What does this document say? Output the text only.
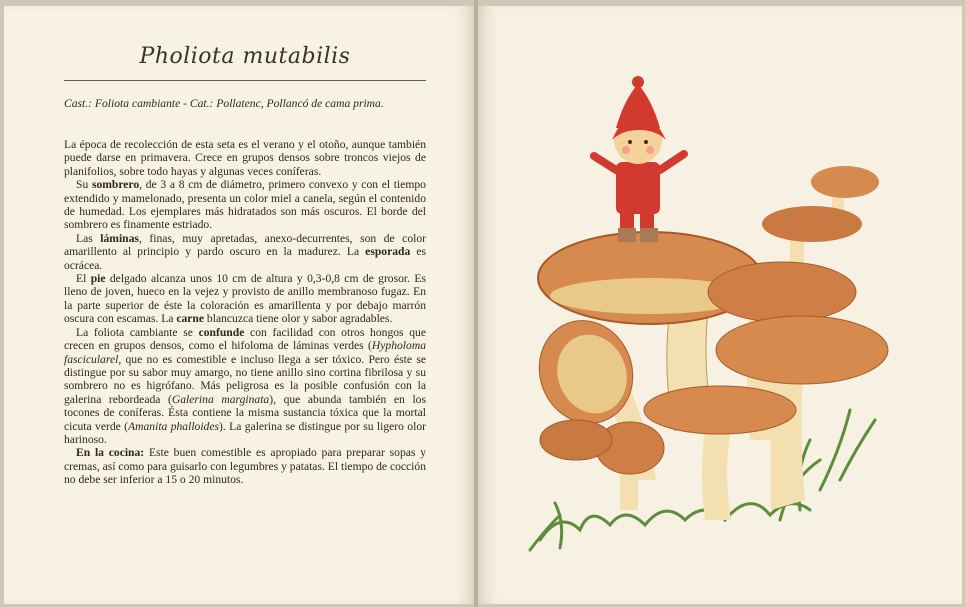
Pholiota mutabilis
Cast.: Foliota cambiante - Cat.: Pollatenc, Pollancó de cama prima.

La época de recolección de esta seta es el verano y el otoño, aunque también puede darse en primavera. Crece en grupos densos sobre troncos viejos de planifolios, sobre todo hayas y algunas veces coníferas.

Su sombrero, de 3 a 8 cm de diámetro, primero convexo y con el tiempo extendido y mamelonado, presenta un color miel a canela, según el contenido de humedad. Los ejemplares más hidratados son más oscuros. El borde del sombrero es finamente estriado.

Las láminas, finas, muy apretadas, anexo-decurrentes, son de color amarillento al principio y pardo oscuro en la madurez. La esporada es ocrácea.

El pie delgado alcanza unos 10 cm de altura y 0,3-0,8 cm de grosor. Es lleno de joven, hueco en la vejez y provisto de anillo membranoso fugaz. En la parte superior de éste la coloración es amarillenta y por debajo marrón oscura con escamas. La carne blancuzca tiene olor y sabor agradables.

La foliota cambiante se confunde con facilidad con otros hongos que crecen en grupos densos, como el hifoloma de láminas verdes (Hypholoma fascicularel, que no es comestible e incluso llega a ser tóxico. Pero éste se distingue por su sabor muy amargo, no tiene anillo sino cortina fibrilosa y su sombrero no es higrófano. Más peligrosa es la posible confusión con la galerina rebordeada (Galerina marginata), que abunda también en los tocones de coníferas. Ésta contiene la misma sustancia tóxica que la mortal cicuta verde (Amanita phalloides). La galerina se distingue por su ligero olor harinoso.

En la cocina: Este buen comestible es apropiado para preparar sopas y cremas, así como para guisarlo con legumbres y patatas. El tiempo de cocción no debe ser inferior a 15 o 20 minutos.
